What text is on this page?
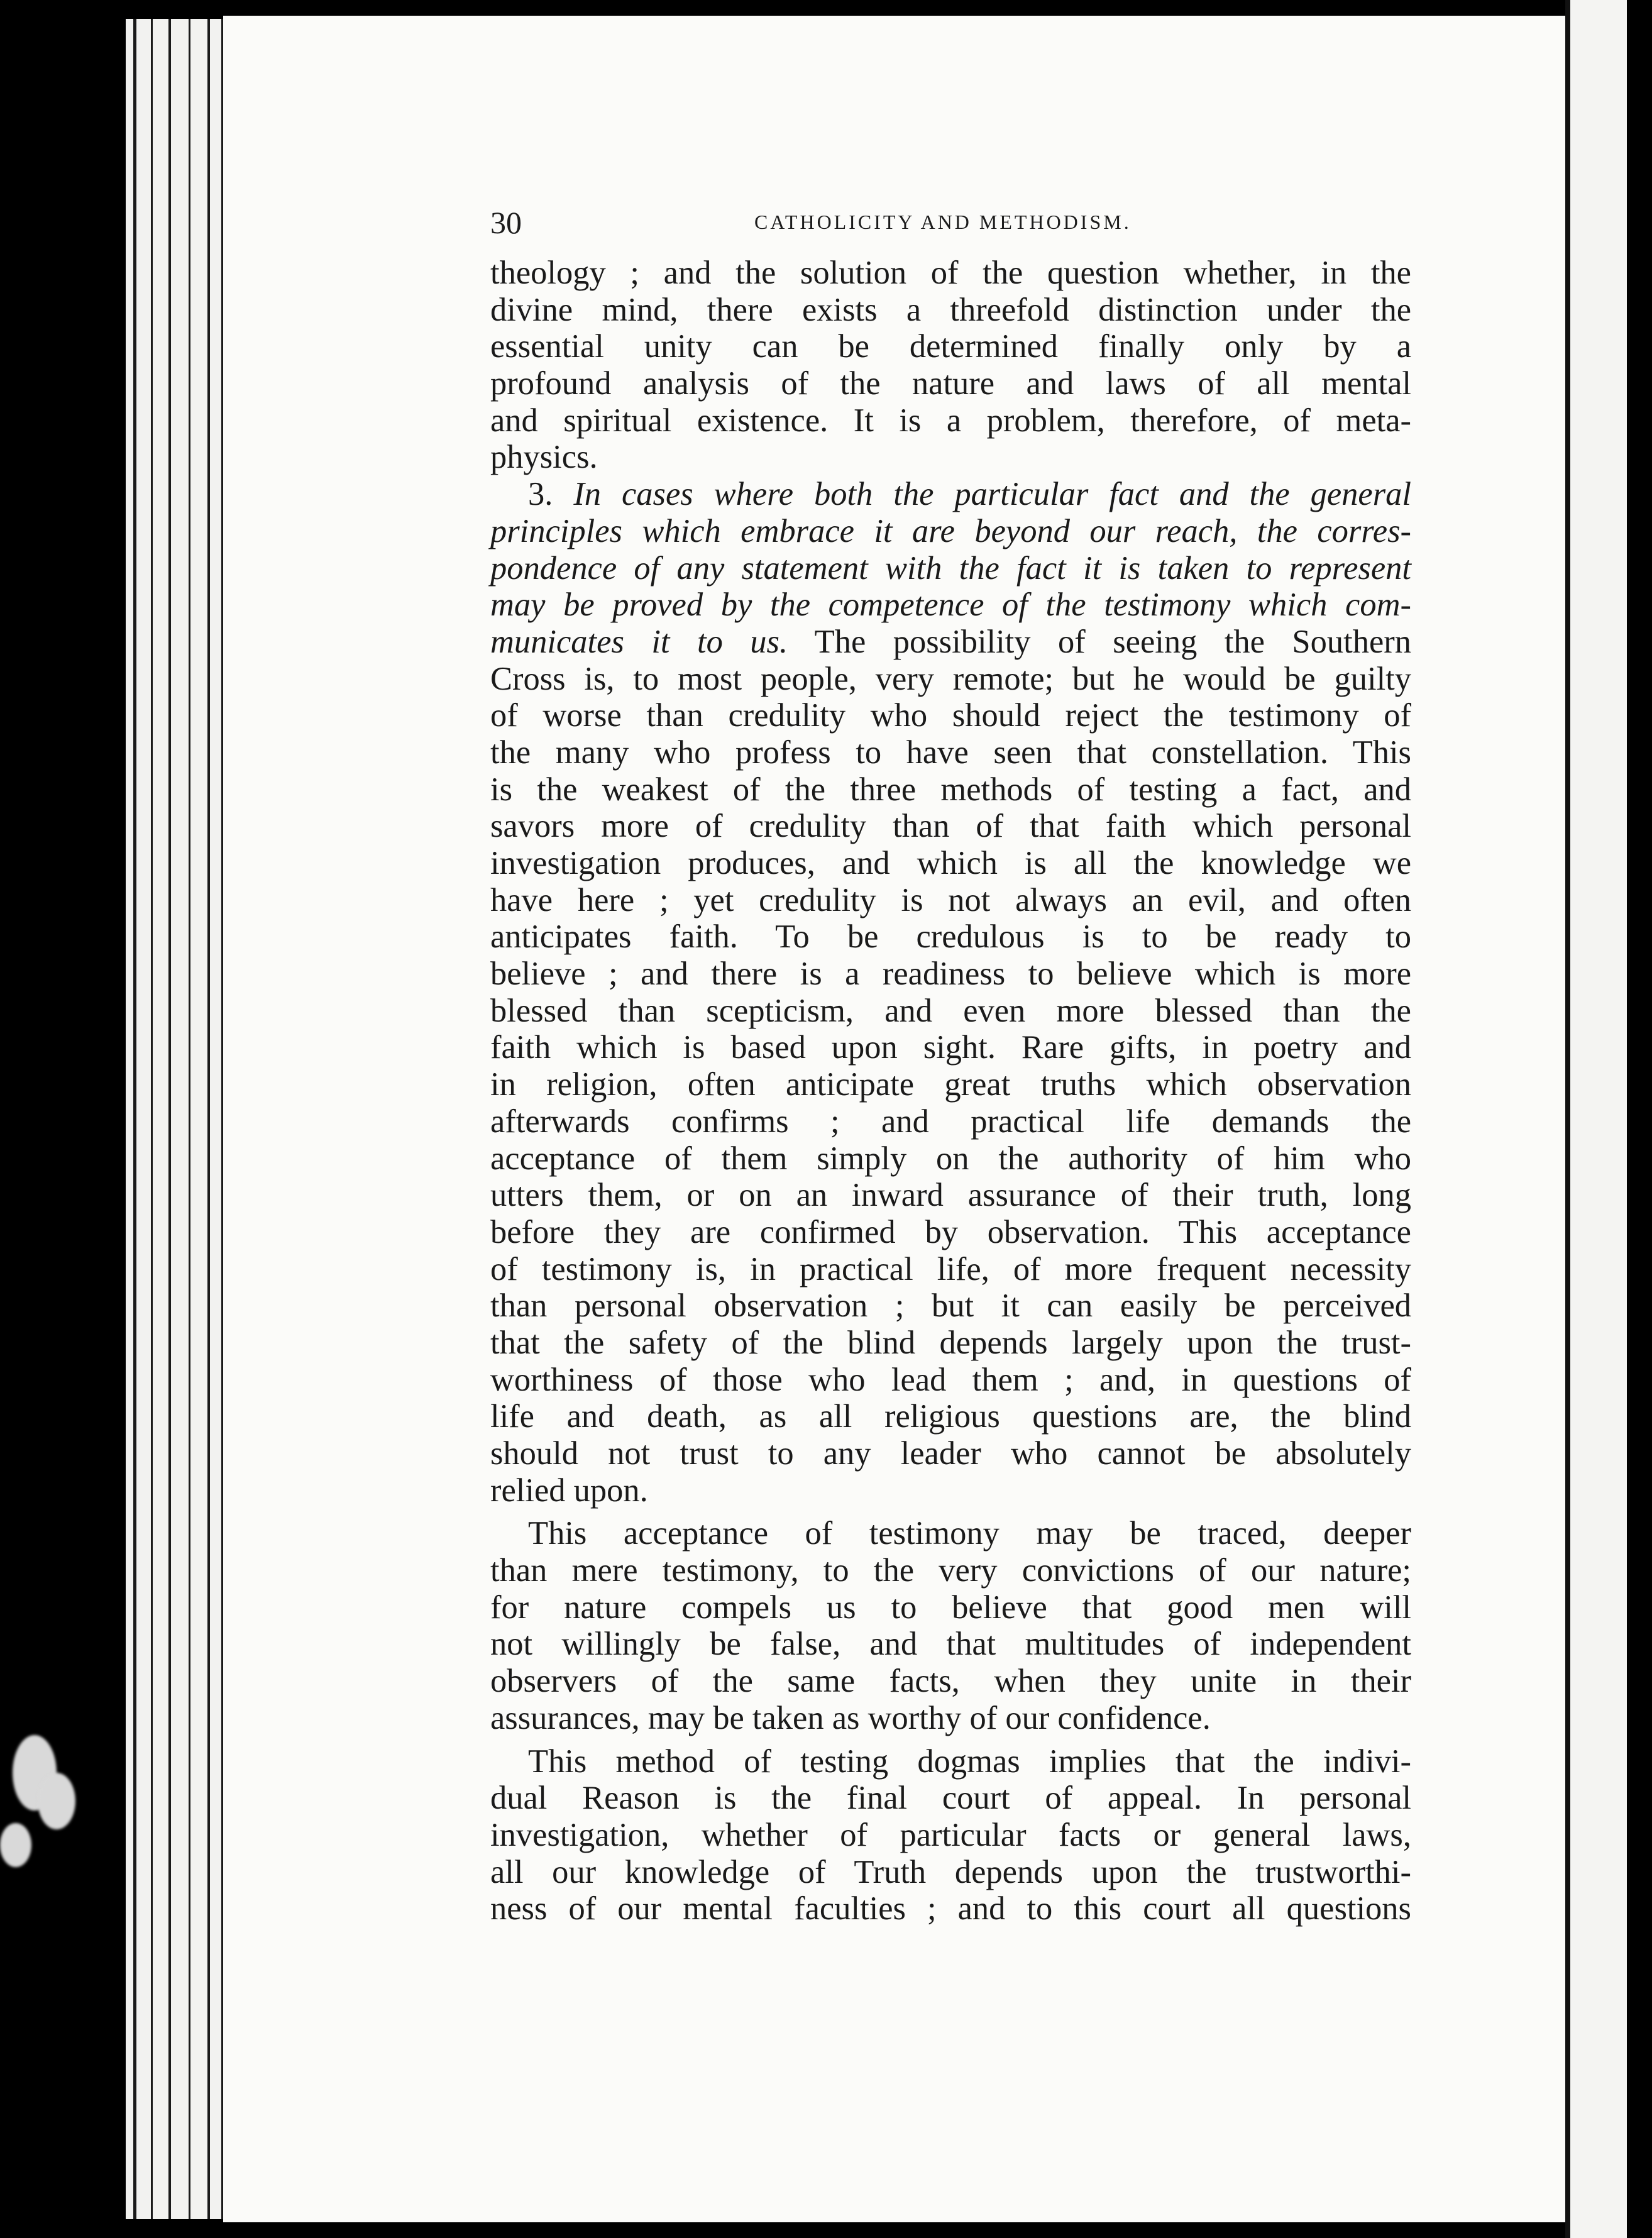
30	CATHOLICITY AND METHODISM.
theology ; and the solution of the question whether, in the
divine mind, there exists a threefold distinction under the
essential unity can be determined finally only by a
profound analysis of the nature and laws of all mental
and spiritual existence. It is a problem, therefore, of meta-
physics.
3. In cases where both the particular fact and the general
principles which embrace it are beyond our reach, the corres-
pondence of any statement with the fact it is taken to represent
may be proved by the competence of the testimony which com-
municates it to us. The possibility of seeing the Southern
Cross is, to most people, very remote; but he would be guilty
of worse than credulity who should reject the testimony of
the many who profess to have seen that constellation. This
is the weakest of the three methods of testing a fact, and
savors more of credulity than of that faith which personal
investigation produces, and which is all the knowledge we
have here ; yet credulity is not always an evil, and often
anticipates faith. To be credulous is to be ready to
believe ; and there is a readiness to believe which is more
blessed than scepticism, and even more blessed than the
faith which is based upon sight. Rare gifts, in poetry and
in religion, often anticipate great truths which observation
afterwards confirms ; and practical life demands the
acceptance of them simply on the authority of him who
utters them, or on an inward assurance of their truth, long
before they are confirmed by observation. This acceptance
of testimony is, in practical life, of more frequent necessity
than personal observation ; but it can easily be perceived
that the safety of the blind depends largely upon the trust-
worthiness of those who lead them ; and, in questions of
life and death, as all religious questions are, the blind
should not trust to any leader who cannot be absolutely
relied upon.
This acceptance of testimony may be traced, deeper
than mere testimony, to the very convictions of our nature;
for nature compels us to believe that good men will
not willingly be false, and that multitudes of independent
observers of the same facts, when they unite in their
assurances, may be taken as worthy of our confidence.
This method of testing dogmas implies that the indivi-
dual Reason is the final court of appeal. In personal
investigation, whether of particular facts or general laws,
all our knowledge of Truth depends upon the trustworthi-
ness of our mental faculties ; and to this court all questions
